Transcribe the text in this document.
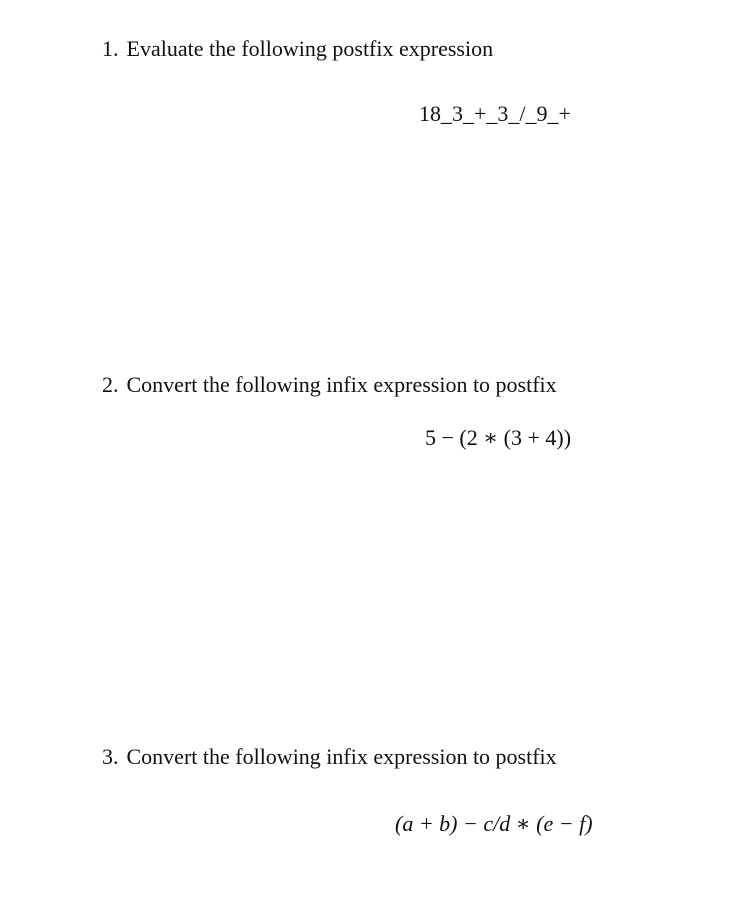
1. Evaluate the following postfix expression
18_3_+_3_/_9_+
2. Convert the following infix expression to postfix
5 − (2 ∗ (3 + 4))
3. Convert the following infix expression to postfix
(a + b) − c/d ∗ (e − f)
